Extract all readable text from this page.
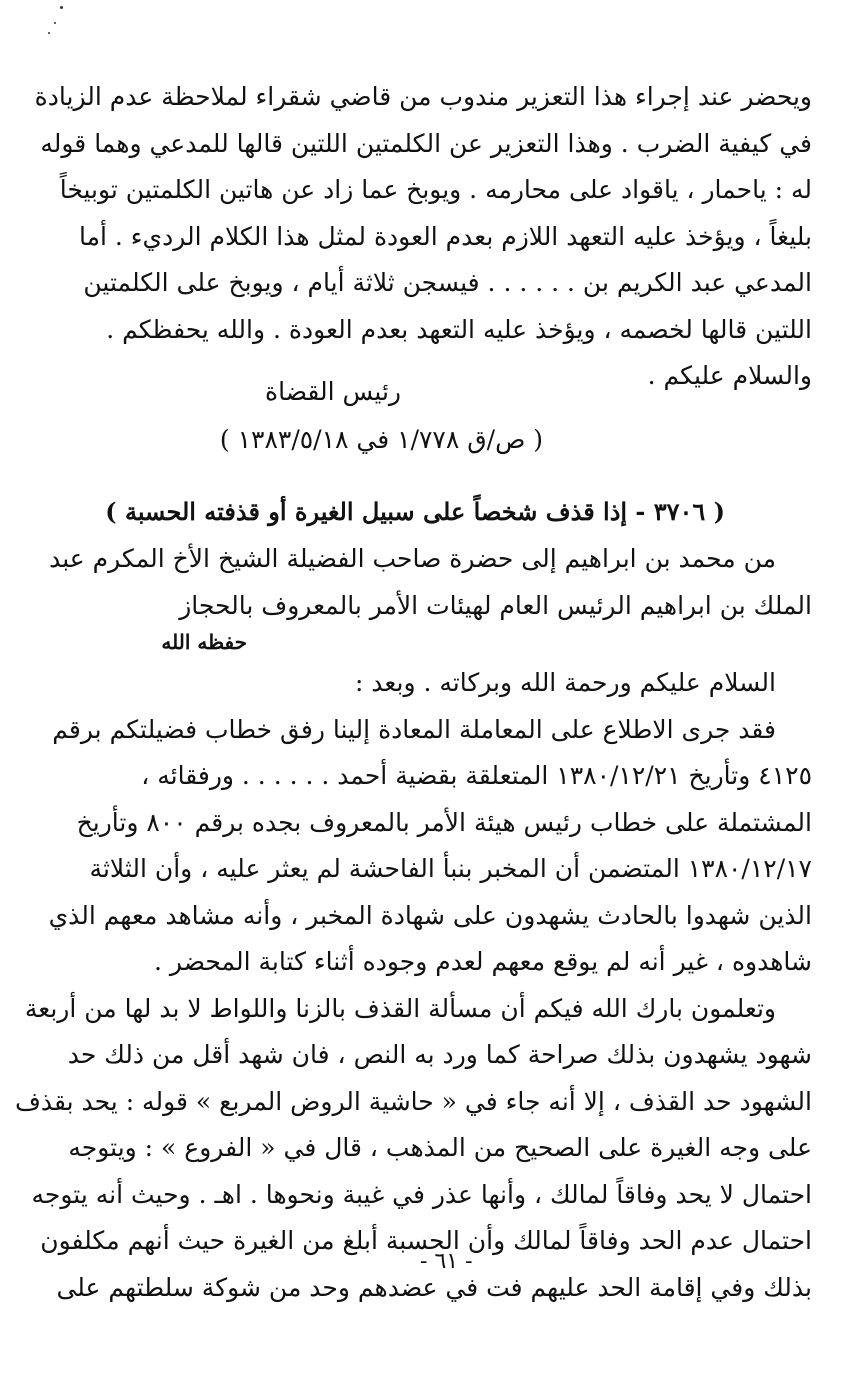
ويحضر عند إجراء هذا التعزير مندوب من قاضي شقراء لملاحظة عدم الزيادة
في كيفية الضرب . وهذا التعزير عن الكلمتين اللتين قالها للمدعي وهما قوله
له : ياحمار ، ياقواد على محارمه . ويوبخ عما زاد عن هاتين الكلمتين توبيخاً
بليغاً ، ويؤخذ عليه التعهد اللازم بعدم العودة لمثل هذا الكلام الرديء . أما
المدعي عبد الكريم بن . . . . . . فيسجن ثلاثة أيام ، ويوبخ على الكلمتين
اللتين قالها لخصمه ، ويؤخذ عليه التعهد بعدم العودة . والله يحفظكم .
والسلام عليكم .
رئيس القضاة
( ص/ق ١/٧٧٨ في ١٣٨٣/٥/١٨ )
( ٣٧٠٦ - إذا قذف شخصاً على سبيل الغيرة أو قذفته الحسبة )
من محمد بن ابراهيم إلى حضرة صاحب الفضيلة الشيخ الأخ المكرم عبد
الملك بن ابراهيم الرئيس العام لهيئات الأمر بالمعروف بالحجاز
حفظه الله
السلام عليكم ورحمة الله وبركاته . وبعد :
فقد جرى الاطلاع على المعاملة المعادة إلينا رفق خطاب فضيلتكم برقم
٤١٢٥ وتأريخ ١٣٨٠/١٢/٢١ المتعلقة بقضية أحمد . . . . . . ورفقائه ،
المشتملة على خطاب رئيس هيئة الأمر بالمعروف بجده برقم ٨٠٠ وتأريخ
١٣٨٠/١٢/١٧ المتضمن أن المخبر بنبأ الفاحشة لم يعثر عليه ، وأن الثلاثة
الذين شهدوا بالحادث يشهدون على شهادة المخبر ، وأنه مشاهد معهم الذي
شاهدوه ، غير أنه لم يوقع معهم لعدم وجوده أثناء كتابة المحضر .
وتعلمون بارك الله فيكم أن مسألة القذف بالزنا واللواط لا بد لها من أربعة
شهود يشهدون بذلك صراحة كما ورد به النص ، فان شهد أقل من ذلك حد
الشهود حد القذف ، إلا أنه جاء في « حاشية الروض المربع » قوله : يحد بقذف
على وجه الغيرة على الصحيح من المذهب ، قال في « الفروع » : ويتوجه
احتمال لا يحد وفاقاً لمالك ، وأنها عذر في غيبة ونحوها . اهـ . وحيث أنه يتوجه
احتمال عدم الحد وفاقاً لمالك وأن الحسبة أبلغ من الغيرة حيث أنهم مكلفون
بذلك وفي إقامة الحد عليهم فت في عضدهم وحد من شوكة سلطتهم على
- ٦١ -
